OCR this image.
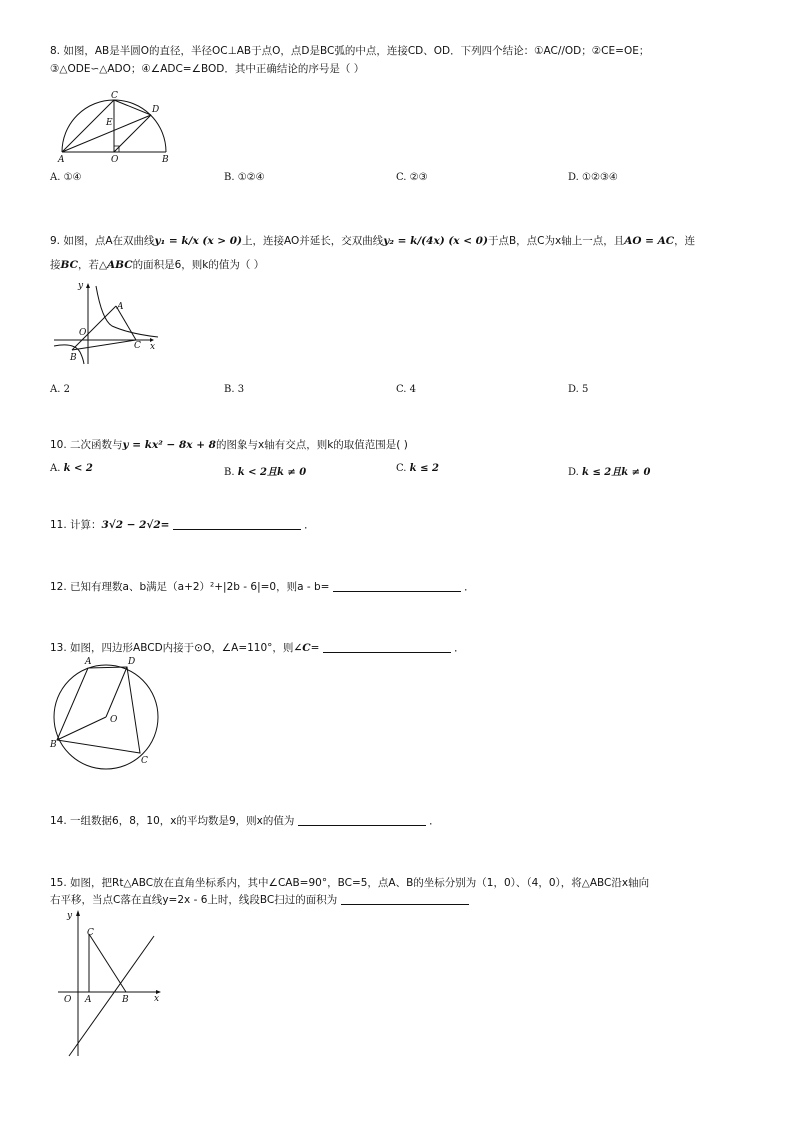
8. 如图，AB是半圆O的直径，半径OC⊥AB于点O，点D是BC弧的中点，连接CD、OD．下列四个结论：①AC//OD；②CE=OE；
③△ODE∽△ADO；④∠ADC=∠BOD．其中正确结论的序号是（ ）
A	O	B
C
D
E
A. ①④	B. ①②④	C. ②③	D. ①②③④
9. 如图，点A在双曲线y₁ = k/x (x > 0)上，连接AO并延长，交双曲线y₂ = k/(4x) (x < 0)于点B，点C为x轴上一点，且AO = AC，连
接BC，若△ABC的面积是6，则k的值为（ ）
y
x
O
A
B
C
A. 2	B. 3	C. 4	D. 5
10. 二次函数与y = kx² − 8x + 8的图象与x轴有交点，则k的取值范围是( )
A. k < 2	B. k < 2且k ≠ 0	C. k ≤ 2	D. k ≤ 2且k ≠ 0
11. 计算：3√2 − 2√2=	．
12. 已知有理数a、b满足（a+2）²+|2b - 6|=0，则a - b=	．
13. 如图，四边形ABCD内接于⊙O，∠A=110°，则∠C=	．
A	D
B
C
O
14. 一组数据6，8，10，x的平均数是9，则x的值为	．
15. 如图，把Rt△ABC放在直角坐标系内，其中∠CAB=90°，BC=5，点A、B的坐标分别为（1，0）、（4，0），将△ABC沿x轴向
右平移，当点C落在直线y=2x - 6上时，线段BC扫过的面积为
y
x
O A	B
C
